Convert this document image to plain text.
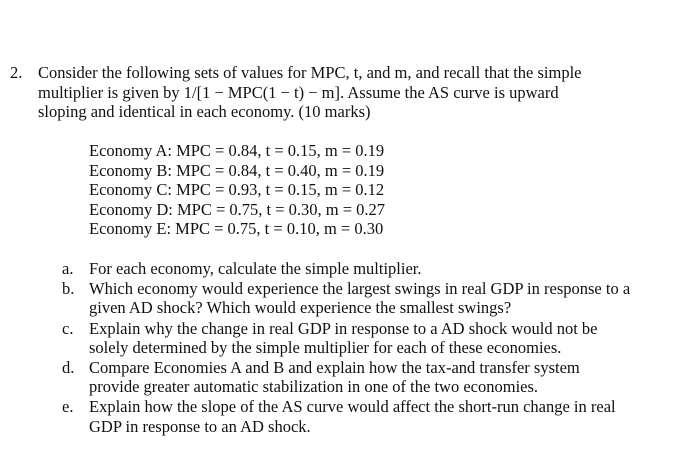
2. Consider the following sets of values for MPC, t, and m, and recall that the simple
multiplier is given by 1/[1 − MPC(1 − t) − m]. Assume the AS curve is upward
sloping and identical in each economy. (10 marks)
Economy A: MPC = 0.84, t = 0.15, m = 0.19
Economy B: MPC = 0.84, t = 0.40, m = 0.19
Economy C: MPC = 0.93, t = 0.15, m = 0.12
Economy D: MPC = 0.75, t = 0.30, m = 0.27
Economy E: MPC = 0.75, t = 0.10, m = 0.30
a. For each economy, calculate the simple multiplier.
b. Which economy would experience the largest swings in real GDP in response to a
given AD shock? Which would experience the smallest swings?
c. Explain why the change in real GDP in response to a AD shock would not be
solely determined by the simple multiplier for each of these economies.
d. Compare Economies A and B and explain how the tax-and transfer system
provide greater automatic stabilization in one of the two economies.
e. Explain how the slope of the AS curve would affect the short-run change in real
GDP in response to an AD shock.
